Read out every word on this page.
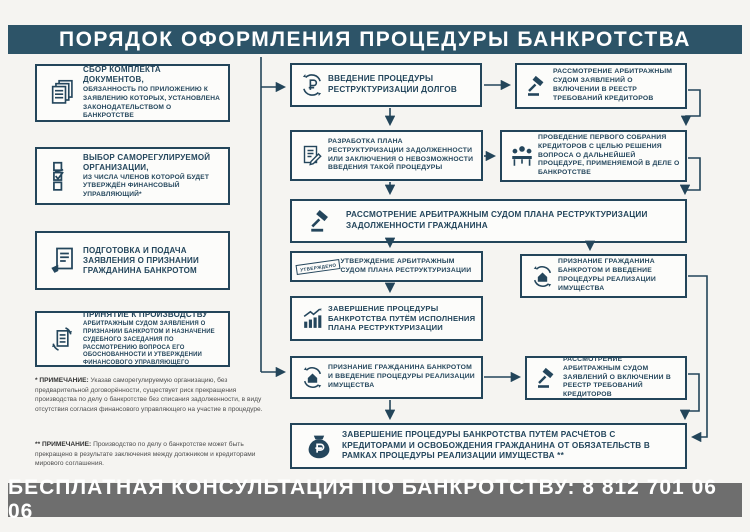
ПОРЯДОК ОФОРМЛЕНИЯ ПРОЦЕДУРЫ БАНКРОТСТВА
СБОР КОМПЛЕКТА ДОКУМЕНТОВ,
ОБЯЗАННОСТЬ ПО ПРИЛОЖЕНИЮ К ЗАЯВЛЕНИЮ КОТОРЫХ, УСТАНОВЛЕНА ЗАКОНОДАТЕЛЬСТВОМ О БАНКРОТСТВЕ
ВЫБОР САМОРЕГУЛИРУЕМОЙ ОРГАНИЗАЦИИ,
ИЗ ЧИСЛА ЧЛЕНОВ КОТОРОЙ БУДЕТ УТВЕРЖДЁН ФИНАНСОВЫЙ УПРАВЛЯЮЩИЙ*
ПОДГОТОВКА И ПОДАЧА ЗАЯВЛЕНИЯ О ПРИЗНАНИИ ГРАЖДАНИНА БАНКРОТОМ
ПРИНЯТИЕ К ПРОИЗВОДСТВУ
АРБИТРАЖНЫМ СУДОМ ЗАЯВЛЕНИЯ О ПРИЗНАНИИ БАНКРОТОМ И НАЗНАЧЕНИЕ СУДЕБНОГО ЗАСЕДАНИЯ ПО РАССМОТРЕНИЮ ВОПРОСА ЕГО ОБОСНОВАННОСТИ И УТВЕРЖДЕНИИ ФИНАНСОВОГО УПРАВЛЯЮЩЕГО
* ПРИМЕЧАНИЕ: Указав саморегулируемую организацию, без предварительной договорённости, существует риск прекращения производства по делу о банкротстве без списания задолженности, в виду отсутствия согласия финансового управляющего на участие в процедуре.
** ПРИМЕЧАНИЕ: Производство по делу о банкротстве может быть прекращено в результате заключения между должником и кредиторами мирового соглашения.
ВВЕДЕНИЕ ПРОЦЕДУРЫ РЕСТРУКТУРИЗАЦИИ ДОЛГОВ
РАССМОТРЕНИЕ АРБИТРАЖНЫМ СУДОМ ЗАЯВЛЕНИЙ О ВКЛЮЧЕНИИ В РЕЕСТР ТРЕБОВАНИЙ КРЕДИТОРОВ
РАЗРАБОТКА ПЛАНА РЕСТРУКТУРИЗАЦИИ ЗАДОЛЖЕННОСТИ ИЛИ ЗАКЛЮЧЕНИЯ О НЕВОЗМОЖНОСТИ ВВЕДЕНИЯ ТАКОЙ ПРОЦЕДУРЫ
ПРОВЕДЕНИЕ ПЕРВОГО СОБРАНИЯ КРЕДИТОРОВ С ЦЕЛЬЮ РЕШЕНИЯ ВОПРОСА О ДАЛЬНЕЙШЕЙ ПРОЦЕДУРЕ, ПРИМЕНЯЕМОЙ В ДЕЛЕ О БАНКРОТСТВЕ
РАССМОТРЕНИЕ АРБИТРАЖНЫМ СУДОМ ПЛАНА РЕСТРУКТУРИЗАЦИИ ЗАДОЛЖЕННОСТИ ГРАЖДАНИНА
УТВЕРЖДЕНО
УТВЕРЖДЕНИЕ АРБИТРАЖНЫМ СУДОМ ПЛАНА РЕСТРУКТУРИЗАЦИИ
ПРИЗНАНИЕ ГРАЖДАНИНА БАНКРОТОМ И ВВЕДЕНИЕ ПРОЦЕДУРЫ РЕАЛИЗАЦИИ ИМУЩЕСТВА
ЗАВЕРШЕНИЕ ПРОЦЕДУРЫ БАНКРОТСТВА ПУТЁМ ИСПОЛНЕНИЯ ПЛАНА РЕСТРУКТУРИЗАЦИИ
ПРИЗНАНИЕ ГРАЖДАНИНА БАНКРОТОМ И ВВЕДЕНИЕ ПРОЦЕДУРЫ РЕАЛИЗАЦИИ ИМУЩЕСТВА
РАССМОТРЕНИЕ АРБИТРАЖНЫМ СУДОМ ЗАЯВЛЕНИЙ О ВКЛЮЧЕНИИ В РЕЕСТР ТРЕБОВАНИЙ КРЕДИТОРОВ
ЗАВЕРШЕНИЕ ПРОЦЕДУРЫ БАНКРОТСТВА ПУТЁМ РАСЧЁТОВ С КРЕДИТОРАМИ И ОСВОБОЖДЕНИЯ ГРАЖДАНИНА ОТ ОБЯЗАТЕЛЬСТВ В РАМКАХ ПРОЦЕДУРЫ РЕАЛИЗАЦИИ ИМУЩЕСТВА **
БЕСПЛАТНАЯ КОНСУЛЬТАЦИЯ ПО БАНКРОТСТВУ: 8 812 701 06 06
